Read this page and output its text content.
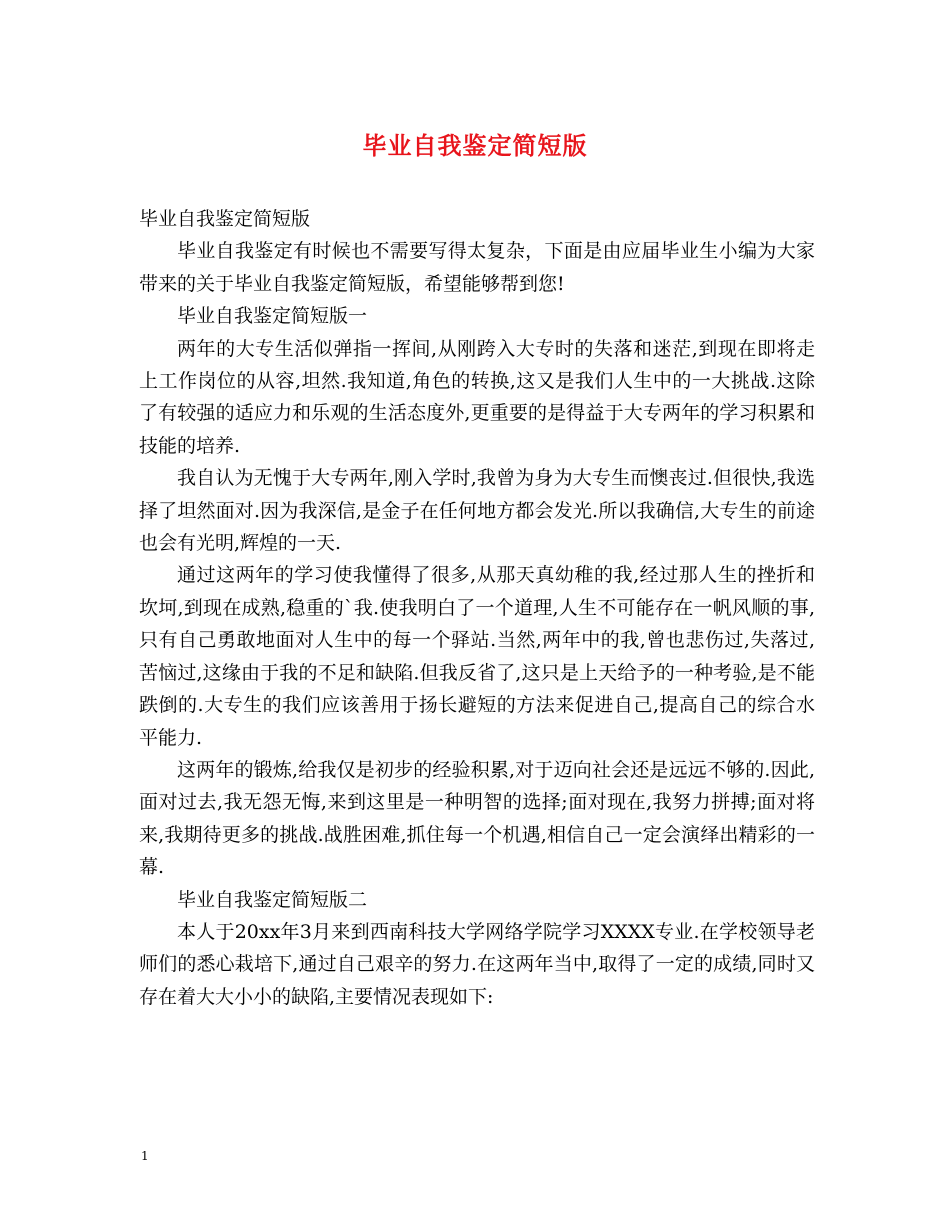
毕业自我鉴定简短版

毕业自我鉴定简短版

毕业自我鉴定有时候也不需要写得太复杂，下面是由应届毕业生小编为大家带来的关于毕业自我鉴定简短版，希望能够帮到您!

毕业自我鉴定简短版一

两年的大专生活似弹指一挥间,从刚跨入大专时的失落和迷茫,到现在即将走上工作岗位的从容,坦然.我知道,角色的转换,这又是我们人生中的一大挑战.这除了有较强的适应力和乐观的生活态度外,更重要的是得益于大专两年的学习积累和技能的培养.

我自认为无愧于大专两年,刚入学时,我曾为身为大专生而懊丧过.但很快,我选择了坦然面对.因为我深信,是金子在任何地方都会发光.所以我确信,大专生的前途也会有光明,辉煌的一天.

通过这两年的学习使我懂得了很多,从那天真幼稚的我,经过那人生的挫折和坎坷,到现在成熟,稳重的`我.使我明白了一个道理,人生不可能存在一帆风顺的事,只有自己勇敢地面对人生中的每一个驿站.当然,两年中的我,曾也悲伤过,失落过,苦恼过,这缘由于我的不足和缺陷.但我反省了,这只是上天给予的一种考验,是不能跌倒的.大专生的我们应该善用于扬长避短的方法来促进自己,提高自己的综合水平能力.

这两年的锻炼,给我仅是初步的经验积累,对于迈向社会还是远远不够的.因此,面对过去,我无怨无悔,来到这里是一种明智的选择;面对现在,我努力拼搏;面对将来,我期待更多的挑战.战胜困难,抓住每一个机遇,相信自己一定会演绎出精彩的一幕.

毕业自我鉴定简短版二

本人于20xx年3月来到西南科技大学网络学院学习XXXX专业.在学校领导老师们的悉心栽培下,通过自己艰辛的努力.在这两年当中,取得了一定的成绩,同时又存在着大大小小的缺陷,主要情况表现如下:

1
